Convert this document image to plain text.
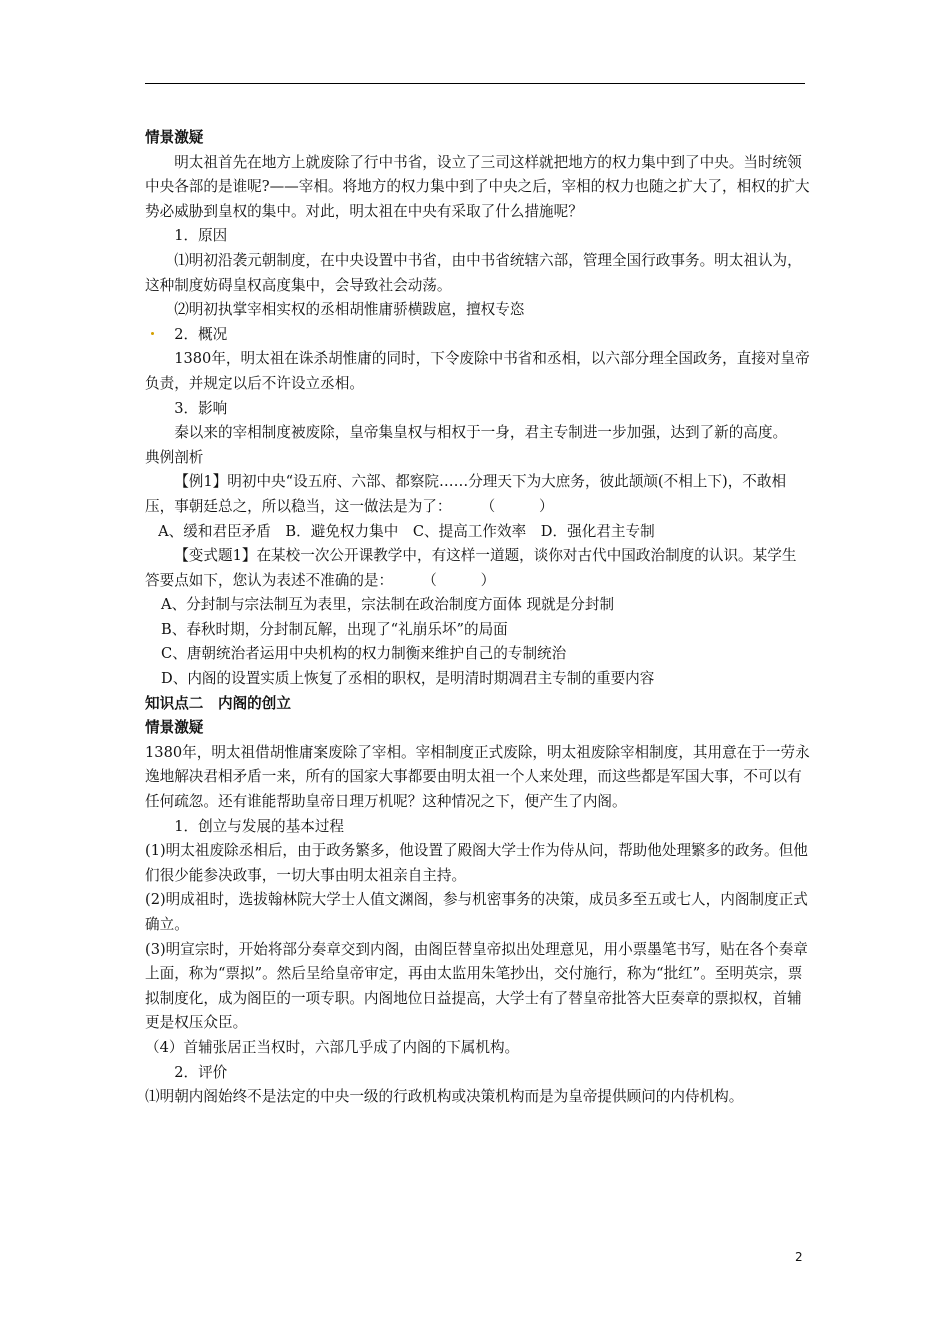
情景激疑

明太祖首先在地方上就废除了行中书省，设立了三司这样就把地方的权力集中到了中央。当时统领中央各部的是谁呢?——宰相。将地方的权力集中到了中央之后，宰相的权力也随之扩大了，相权的扩大势必威胁到皇权的集中。对此，明太祖在中央有采取了什么措施呢？

1．原因

⑴明初沿袭元朝制度，在中央设置中书省，由中书省统辖六部，管理全国行政事务。明太祖认为，这种制度妨碍皇权高度集中，会导致社会动荡。

⑵明初执掌宰相实权的丞相胡惟庸骄横跋扈，擅权专恣

2．概况

1380年，明太祖在诛杀胡惟庸的同时，下令废除中书省和丞相，以六部分理全国政务，直接对皇帝负责，并规定以后不许设立丞相。

3．影响

秦以来的宰相制度被废除，皇帝集皇权与相权于一身，君主专制进一步加强，达到了新的高度。

典例剖析

【例1】明初中央“设五府、六部、都察院……分理天下为大庶务，彼此颉颃(不相上下)，不敢相压，事朝廷总之，所以稳当，这一做法是为了：　　　（　　　）

A、缓和君臣矛盾　B．避免权力集中　C、提高工作效率　D．强化君主专制

【变式题1】在某校一次公开课教学中，有这样一道题，谈你对古代中国政治制度的认识。某学生答要点如下，您认为表述不准确的是：　　　（　　　）

A、分封制与宗法制互为表里，宗法制在政治制度方面体 现就是分封制

B、春秋时期，分封制瓦解，出现了“礼崩乐坏”的局面

C、唐朝统治者运用中央机构的权力制衡来维护自己的专制统治

D、内阁的设置实质上恢复了丞相的职权，是明清时期凋君主专制的重要内容

知识点二　内阁的创立

情景激疑

1380年，明太祖借胡惟庸案废除了宰相。宰相制度正式废除，明太祖废除宰相制度，其用意在于一劳永逸地解决君相矛盾一来，所有的国家大事都要由明太祖一个人来处理，而这些都是军国大事，不可以有任何疏忽。还有谁能帮助皇帝日理万机呢？这种情况之下，便产生了内阁。

1．创立与发展的基本过程

(1)明太祖废除丞相后，由于政务繁多，他设置了殿阁大学士作为侍从问，帮助他处理繁多的政务。但他们很少能参决政事，一切大事由明太祖亲自主持。

(2)明成祖时，选拔翰林院大学士人值文渊阁，参与机密事务的决策，成员多至五或七人，内阁制度正式确立。

(3)明宣宗时，开始将部分奏章交到内阁，由阁臣替皇帝拟出处理意见，用小票墨笔书写，贴在各个奏章上面，称为“票拟”。然后呈给皇帝审定，再由太监用朱笔抄出，交付施行，称为“批红”。至明英宗，票拟制度化，成为阁臣的一项专职。内阁地位日益提高，大学士有了替皇帝批答大臣奏章的票拟权，首辅更是权压众臣。

（4）首辅张居正当权时，六部几乎成了内阁的下属机构。

2．评价

⑴明朝内阁始终不是法定的中央一级的行政机构或决策机构而是为皇帝提供顾问的内侍机构。

2
